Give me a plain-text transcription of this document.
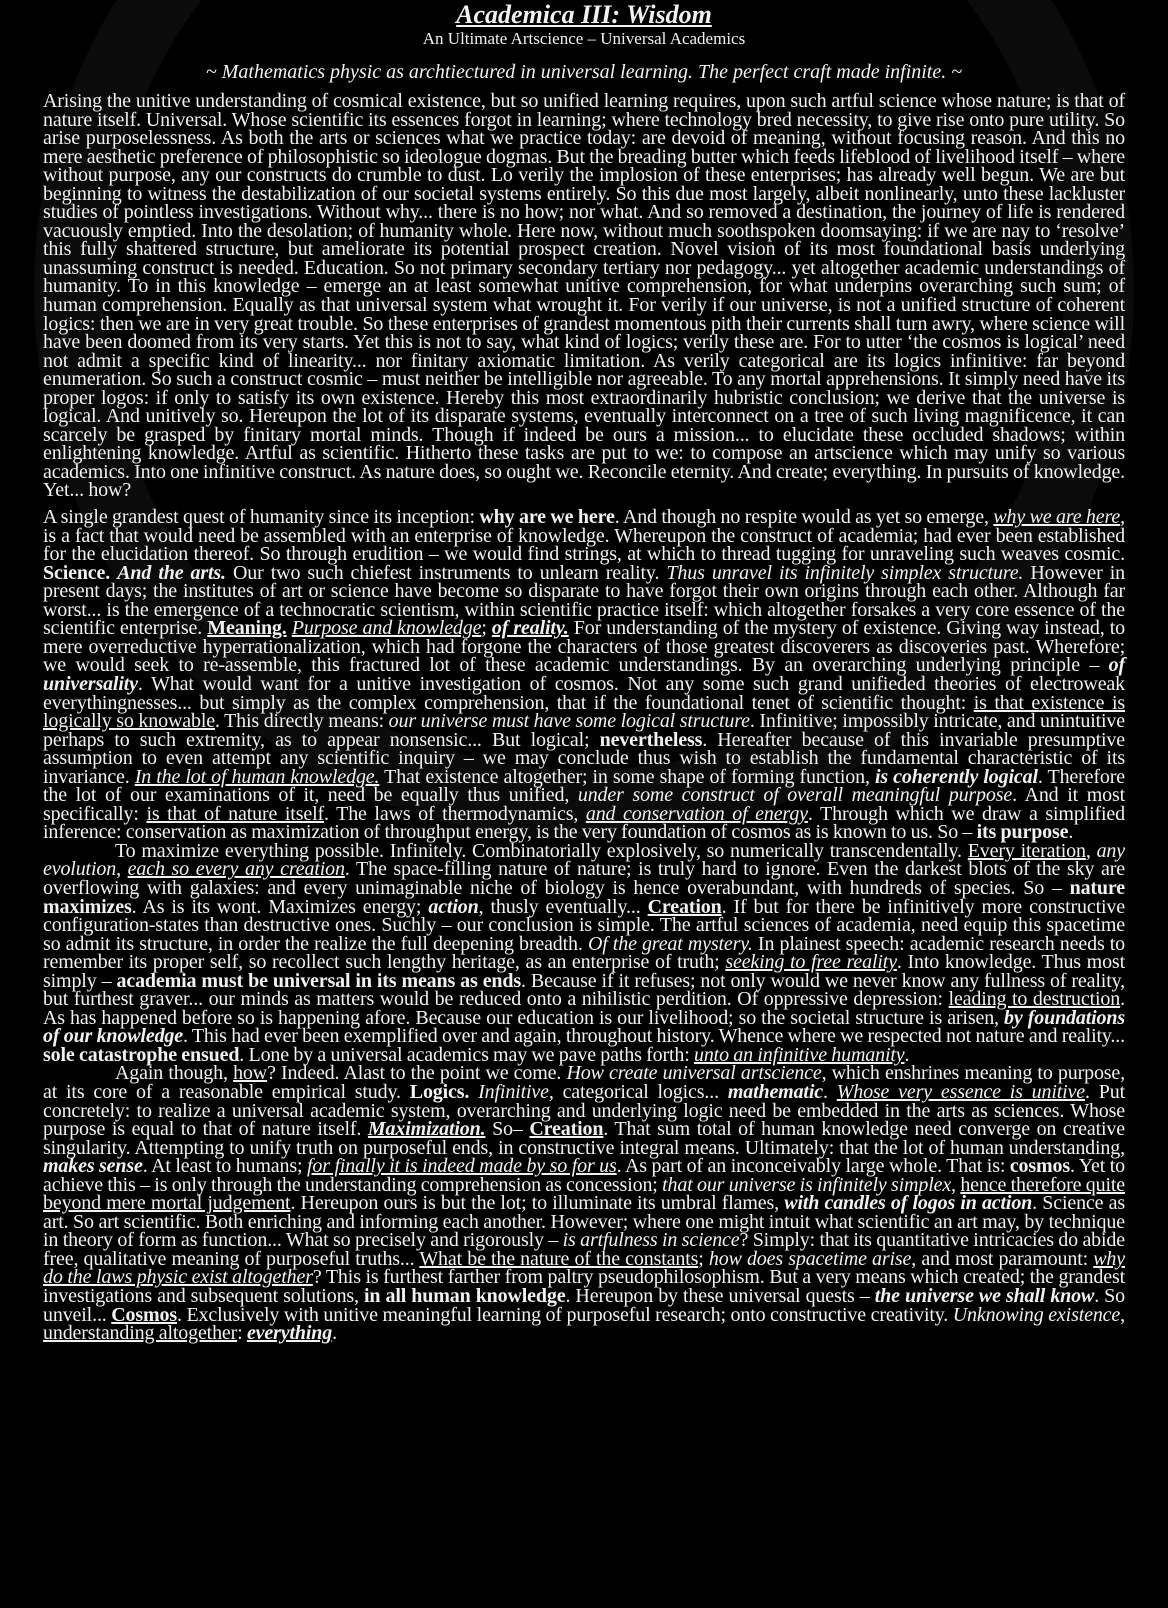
Academica III: Wisdom

An Ultimate Artscience – Universal Academics

~ Mathematics physic as archtiectured in universal learning. The perfect craft made infinite. ~

Arising the unitive understanding of cosmical existence, but so unified learning requires, upon such artful science whose nature; is that of nature itself. Universal. Whose scientific its essences forgot in learning; where technology bred necessity, to give rise onto pure utility. So arise purposelessness. As both the arts or sciences what we practice today: are devoid of meaning, without focusing reason. And this no mere aesthetic preference of philosophistic so ideologue dogmas. But the breading butter which feeds lifeblood of livelihood itself – where without purpose, any our constructs do crumble to dust. Lo verily the implosion of these enterprises; has already well begun. We are but beginning to witness the destabilization of our societal systems entirely. So this due most largely, albeit nonlinearly, unto these lackluster studies of pointless investigations. Without why... there is no how; nor what. And so removed a destination, the journey of life is rendered vacuously emptied. Into the desolation; of humanity whole. Here now, without much soothspoken doomsaying: if we are nay to ‘resolve’ this fully shattered structure, but ameliorate its potential prospect creation. Novel vision of its most foundational basis underlying unassuming construct is needed. Education. So not primary secondary tertiary nor pedagogy... yet altogether academic understandings of humanity. To in this knowledge – emerge an at least somewhat unitive comprehension, for what underpins overarching such sum; of human comprehension. Equally as that universal system what wrought it. For verily if our universe, is not a unified structure of coherent logics: then we are in very great trouble. So these enterprises of grandest momentous pith their currents shall turn awry, where science will have been doomed from its very starts. Yet this is not to say, what kind of logics; verily these are. For to utter ‘the cosmos is logical’ need not admit a specific kind of linearity... nor finitary axiomatic limitation. As verily categorical are its logics infinitive: far beyond enumeration. So such a construct cosmic – must neither be intelligible nor agreeable. To any mortal apprehensions. It simply need have its proper logos: if only to satisfy its own existence. Hereby this most extraordinarily hubristic conclusion; we derive that the universe is logical. And unitively so. Hereupon the lot of its disparate systems, eventually interconnect on a tree of such living magnificence, it can scarcely be grasped by finitary mortal minds. Though if indeed be ours a mission... to elucidate these occluded shadows; within enlightening knowledge. Artful as scientific. Hitherto these tasks are put to we: to compose an artscience which may unify so various academics. Into one infinitive construct. As nature does, so ought we. Reconcile eternity. And create; everything. In pursuits of knowledge. Yet... how?

A single grandest quest of humanity since its inception: why are we here. And though no respite would as yet so emerge, why we are here, is a fact that would need be assembled with an enterprise of knowledge. Whereupon the construct of academia; had ever been established for the elucidation thereof. So through erudition – we would find strings, at which to thread tugging for unraveling such weaves cosmic. Science. And the arts. Our two such chiefest instruments to unlearn reality. Thus unravel its infinitely simplex structure. However in present days; the institutes of art or science have become so disparate to have forgot their own origins through each other. Although far worst... is the emergence of a technocratic scientism, within scientific practice itself: which altogether forsakes a very core essence of the scientific enterprise. Meaning. Purpose and knowledge; of reality. For understanding of the mystery of existence. Giving way instead, to mere overreductive hyperrationalization, which had forgone the characters of those greatest discoverers as discoveries past. Wherefore; we would seek to re-assemble, this fractured lot of these academic understandings. By an overarching underlying principle – of universality. What would want for a unitive investigation of cosmos. Not any some such grand unifieded theories of electroweak everythingnesses... but simply as the complex comprehension, that if the foundational tenet of scientific thought: is that existence is logically so knowable. This directly means: our universe must have some logical structure. Infinitive; impossibly intricate, and unintuitive perhaps to such extremity, as to appear nonsensic... But logical; nevertheless. Hereafter because of this invariable presumptive assumption to even attempt any scientific inquiry – we may conclude thus wish to establish the fundamental characteristic of its invariance. In the lot of human knowledge. That existence altogether; in some shape of forming function, is coherently logical. Therefore the lot of our examinations of it, need be equally thus unified, under some construct of overall meaningful purpose. And it most specifically: is that of nature itself. The laws of thermodynamics, and conservation of energy. Through which we draw a simplified inference: conservation as maximization of throughput energy, is the very foundation of cosmos as is known to us. So – its purpose.
To maximize everything possible. Infinitely. Combinatorially explosively, so numerically transcendentally. Every iteration, any evolution, each so every any creation. The space-filling nature of nature; is truly hard to ignore. Even the darkest blots of the sky are overflowing with galaxies: and every unimaginable niche of biology is hence overabundant, with hundreds of species. So – nature maximizes. As is its wont. Maximizes energy; action, thusly eventually... Creation. If but for there be infinitively more constructive configuration-states than destructive ones. Suchly – our conclusion is simple. The artful sciences of academia, need equip this spacetime so admit its structure, in order the realize the full deepening breadth. Of the great mystery. In plainest speech: academic research needs to remember its proper self, so recollect such lengthy heritage, as an enterprise of truth; seeking to free reality. Into knowledge. Thus most simply – academia must be universal in its means as ends. Because if it refuses; not only would we never know any fullness of reality, but furthest graver... our minds as matters would be reduced onto a nihilistic perdition. Of oppressive depression: leading to destruction. As has happened before so is happening afore. Because our education is our livelihood; so the societal structure is arisen, by foundations of our knowledge. This had ever been exemplified over and again, throughout history. Whence where we respected not nature and reality... sole catastrophe ensued. Lone by a universal academics may we pave paths forth: unto an infinitive humanity.
Again though, how? Indeed. Alast to the point we come. How create universal artscience, which enshrines meaning to purpose, at its core of a reasonable empirical study. Logics. Infinitive, categorical logics... mathematic. Whose very essence is unitive. Put concretely: to realize a universal academic system, overarching and underlying logic need be embedded in the arts as sciences. Whose purpose is equal to that of nature itself. Maximization. So– Creation. That sum total of human knowledge need converge on creative singularity. Attempting to unify truth on purposeful ends, in constructive integral means. Ultimately: that the lot of human understanding, makes sense. At least to humans; for finally it is indeed made by so for us. As part of an inconceivably large whole. That is: cosmos. Yet to achieve this – is only through the understanding comprehension as concession; that our universe is infinitely simplex, hence therefore quite beyond mere mortal judgement. Hereupon ours is but the lot; to illuminate its umbral flames, with candles of logos in action. Science as art. So art scientific. Both enriching and informing each another. However; where one might intuit what scientific an art may, by technique in theory of form as function... What so precisely and rigorously – is artfulness in science? Simply: that its quantitative intricacies do abide free, qualitative meaning of purposeful truths... What be the nature of the constants; how does spacetime arise, and most paramount: why do the laws physic exist altogether? This is furthest farther from paltry pseudophilosophism. But a very means which created; the grandest investigations and subsequent solutions, in all human knowledge. Hereupon by these universal quests – the universe we shall know. So unveil... Cosmos. Exclusively with unitive meaningful learning of purposeful research; onto constructive creativity. Unknowing existence, understanding altogether: everything.
